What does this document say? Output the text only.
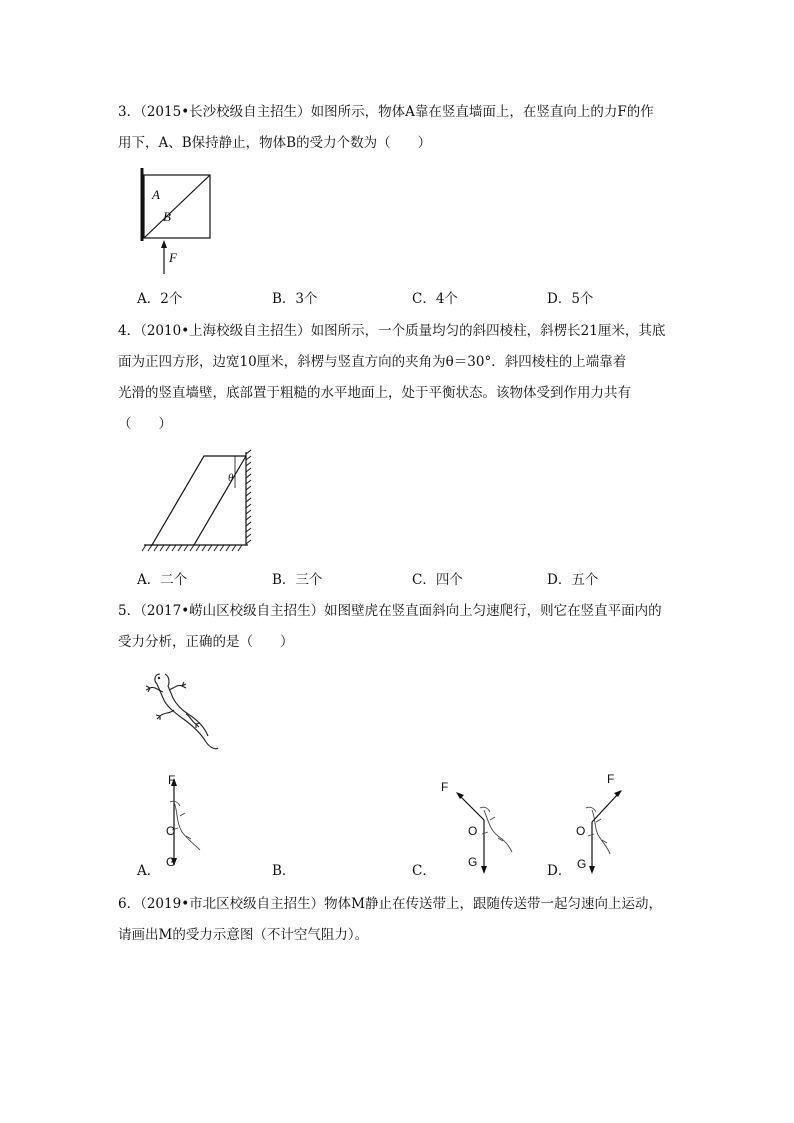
3．（2015•长沙校级自主招生）如图所示，物体A靠在竖直墙面上，在竖直向上的力F的作

用下，A、B保持静止，物体B的受力个数为（　　）

A
B
F
A．2个	B．3个	C．4个	D．5个

4．（2010•上海校级自主招生）如图所示，一个质量均匀的斜四棱柱，斜楞长21厘米，其底

面为正四方形，边宽10厘米，斜楞与竖直方向的夹角为θ＝30°．斜四棱柱的上端靠着

光滑的竖直墙壁，底部置于粗糙的水平地面上，处于平衡状态。该物体受到作用力共有

（　　）

θ
A．二个	B．三个	C．四个	D．五个

5．（2017•崂山区校级自主招生）如图壁虎在竖直面斜向上匀速爬行，则它在竖直平面内的

受力分析，正确的是（　　）

F
O
G
F
O
G
F
O
G
A．	B．	C．	D．

6．（2019•市北区校级自主招生）物体M静止在传送带上，跟随传送带一起匀速向上运动，

请画出M的受力示意图（不计空气阻力）。
